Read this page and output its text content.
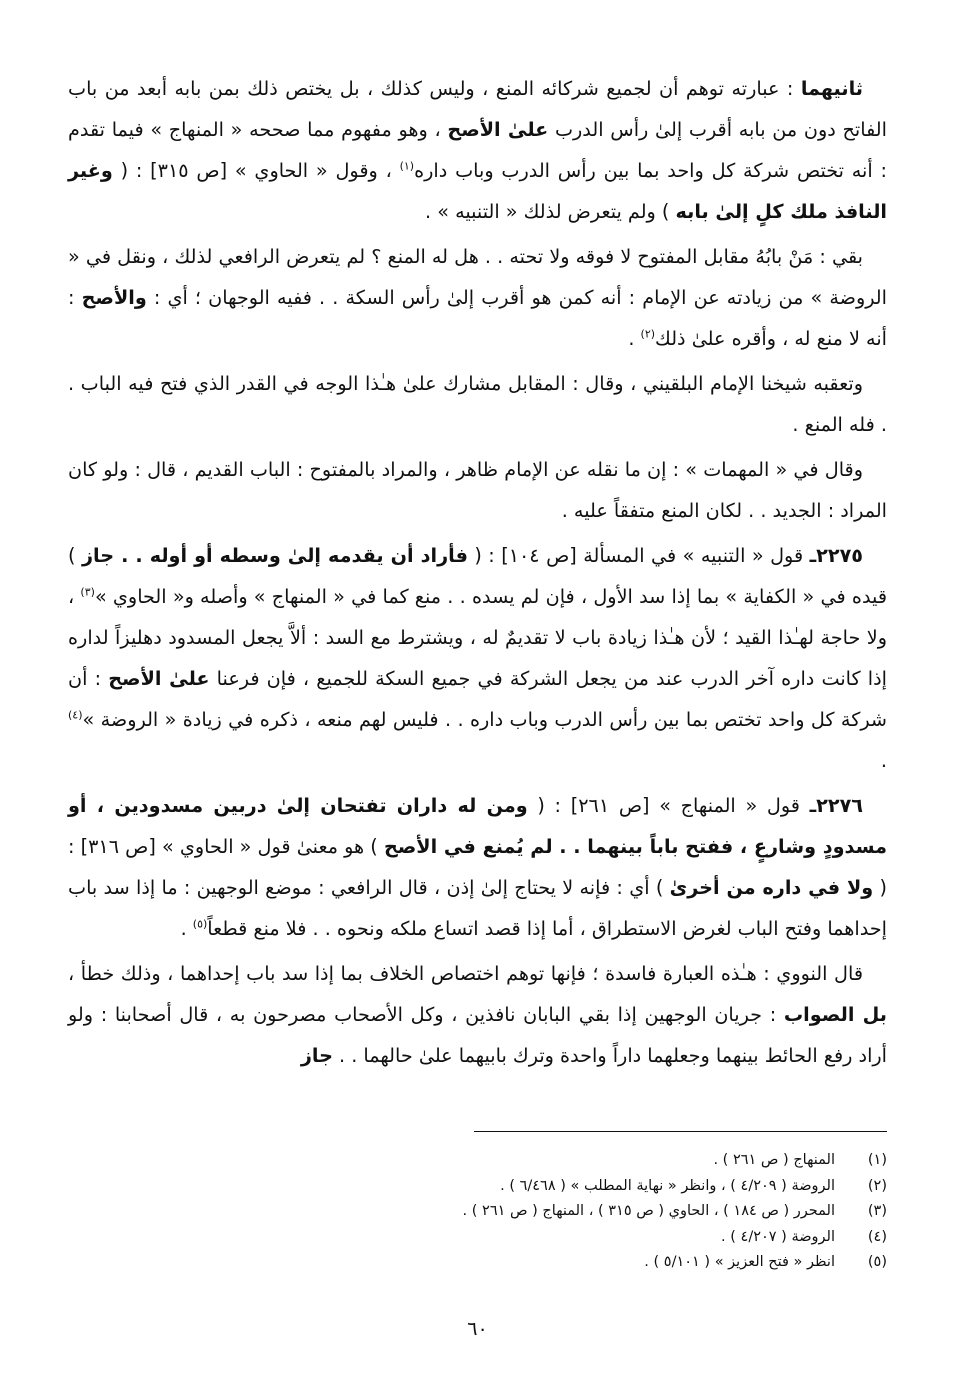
ثانيهما : عبارته توهم أن لجميع شركائه المنع ، وليس كذلك ، بل يختص ذلك بمن بابه أبعد من باب الفاتح دون من بابه أقرب إلىٰ رأس الدرب علىٰ الأصح ، وهو مفهوم مما صححه « المنهاج » فيما تقدم : أنه تختص شركة كل واحد بما بين رأس الدرب وباب داره$^{(١)}$ ، وقول « الحاوي » [ص ٣١٥] : ( وغير النافذ ملك كلٍ إلىٰ بابه ) ولم يتعرض لذلك « التنبيه » .

بقي : مَنْ بابُهُ مقابل المفتوح لا فوقه ولا تحته . . هل له المنع ؟ لم يتعرض الرافعي لذلك ، ونقل في « الروضة » من زيادته عن الإمام : أنه كمن هو أقرب إلىٰ رأس السكة . . ففيه الوجهان ؛ أي : والأصح : أنه لا منع له ، وأقره علىٰ ذلك$^{(٢)}$ .

وتعقبه شيخنا الإمام البلقيني ، وقال : المقابل مشارك علىٰ هـٰذا الوجه في القدر الذي فتح فيه الباب . . فله المنع .

وقال في « المهمات » : إن ما نقله عن الإمام ظاهر ، والمراد بالمفتوح : الباب القديم ، قال : ولو كان المراد : الجديد . . لكان المنع متفقاً عليه .

٢٢٧٥ـ قول « التنبيه » في المسألة [ص ١٠٤] : ( فأراد أن يقدمه إلىٰ وسطه أو أوله . . جاز ) قيده في « الكفاية » بما إذا سد الأول ، فإن لم يسده . . منع كما في « المنهاج » وأصله و« الحاوي »$^{(٣)}$ ، ولا حاجة لهـٰذا القيد ؛ لأن هـٰذا زيادة باب لا تقديمٌ له ، ويشترط مع السد : ألاَّ يجعل المسدود دهليزاً لداره إذا كانت داره آخر الدرب عند من يجعل الشركة في جميع السكة للجميع ، فإن فرعنا علىٰ الأصح : أن شركة كل واحد تختص بما بين رأس الدرب وباب داره . . فليس لهم منعه ، ذكره في زيادة « الروضة »$^{(٤)}$ .

٢٢٧٦ـ قول « المنهاج » [ص ٢٦١] : ( ومن له داران تفتحان إلىٰ دربين مسدودين ، أو مسدودٍ وشارعٍ ، ففتح باباً بينهما . . لم يُمنع في الأصح ) هو معنىٰ قول « الحاوي » [ص ٣١٦] : ( ولا في داره من أخرىٰ ) أي : فإنه لا يحتاج إلىٰ إذن ، قال الرافعي : موضع الوجهين : ما إذا سد باب إحداهما وفتح الباب لغرض الاستطراق ، أما إذا قصد اتساع ملكه ونحوه . . فلا منع قطعاً$^{(٥)}$ .

قال النووي : هـٰذه العبارة فاسدة ؛ فإنها توهم اختصاص الخلاف بما إذا سد باب إحداهما ، وذلك خطأ ، بل الصواب : جريان الوجهين إذا بقي البابان نافذين ، وكل الأصحاب مصرحون به ، قال أصحابنا : ولو أراد رفع الحائط بينهما وجعلهما داراً واحدة وترك بابيهما علىٰ حالهما . . جاز

(١)
المنهاج ( ص ٢٦١ ) .
(٢)
الروضة ( ٤/٢٠٩ ) ، وانظر « نهاية المطلب » ( ٦/٤٦٨ ) .
(٣)
المحرر ( ص ١٨٤ ) ، الحاوي ( ص ٣١٥ ) ، المنهاج ( ص ٢٦١ ) .
(٤)
الروضة ( ٤/٢٠٧ ) .
(٥)
انظر « فتح العزيز » ( ٥/١٠١ ) .
٦٠
